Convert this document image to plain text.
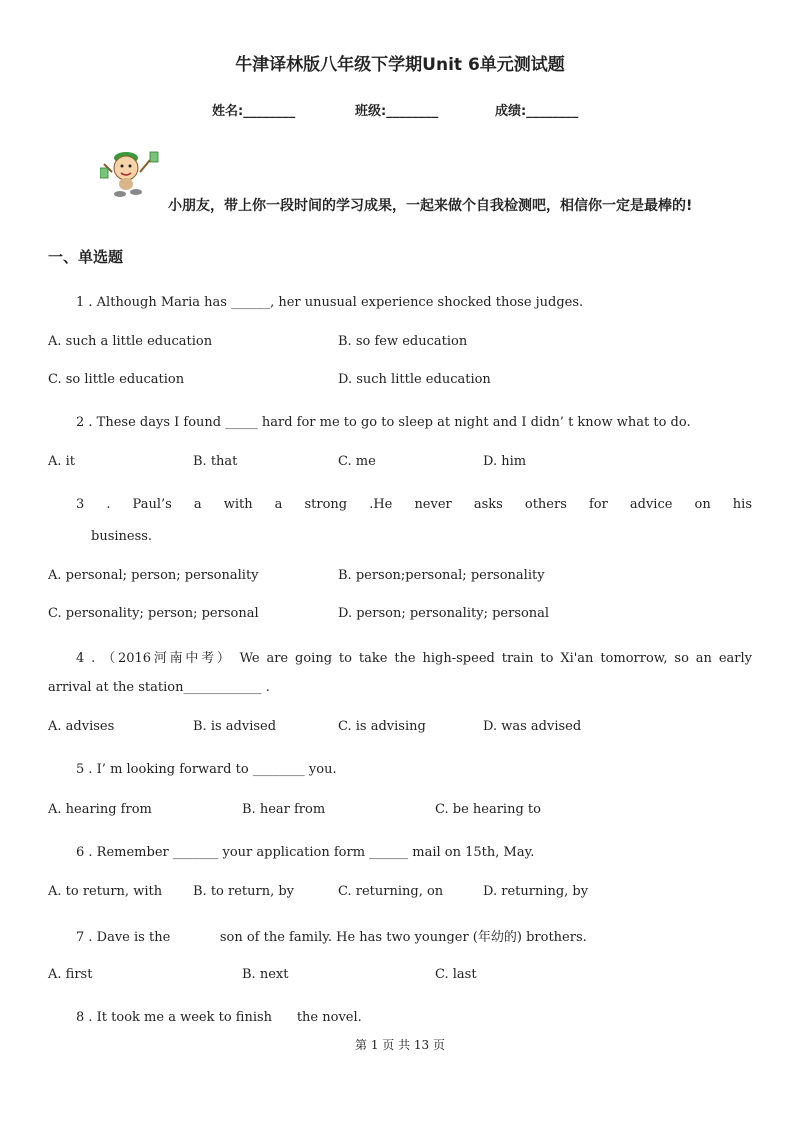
牛津译林版八年级下学期Unit 6单元测试题
姓名:________	班级:________	成绩:________
小朋友，带上你一段时间的学习成果，一起来做个自我检测吧，相信你一定是最棒的!
一、单选题
1 . Although Maria has ______, her unusual experience shocked those judges.
A. such a little education	B. so few education
C. so little education	D. such little education
2 . These days I found _____ hard for me to go to sleep at night and I didn’ t know what to do.
A. it	B. that	C. me	D. him
3 . Paul’s a with a strong .He never asks others for advice on his
business.
A. personal; person; personality	B. person;personal; personality
C. personality; person; personal	D. person; personality; personal
4 . （2016河南中考） We are going to take the high-speed train to Xi'an tomorrow, so an early
arrival at the station____________ .
A. advises	B. is advised	C. is advising	D. was advised
5 . I’ m looking forward to ________ you.
A. hearing from	B. hear from	C. be hearing to
6 . Remember _______ your application form ______ mail on 15th, May.
A. to return, with B. to return, by	C. returning, on	D. returning, by
7 . Dave is the            son of the family. He has two younger (年幼的) brothers.
A. first	B. next	C. last
8 . It took me a week to finish      the novel.
第 1 页 共 13 页
